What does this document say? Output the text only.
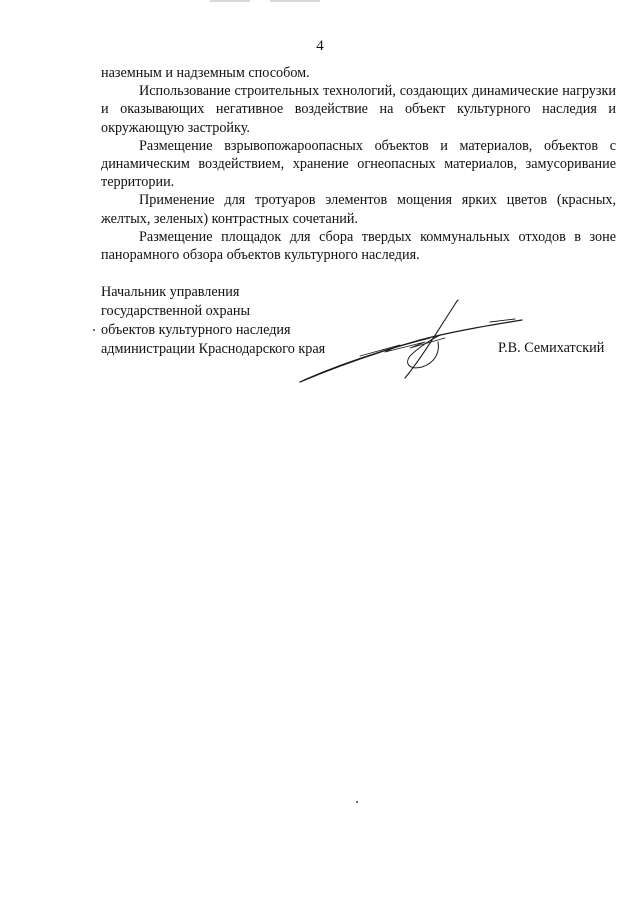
4

наземным и надземным способом.

Использование строительных технологий, создающих динамические нагрузки и оказывающих негативное воздействие на объект культурного наследия и окружающую застройку.

Размещение взрывопожароопасных объектов и материалов, объектов с динамическим воздействием, хранение огнеопасных материалов, замусоривание территории.

Применение для тротуаров элементов мощения ярких цветов (красных, желтых, зеленых) контрастных сочетаний.

Размещение площадок для сбора твердых коммунальных отходов в зоне панорамного обзора объектов культурного наследия.

Начальник управления
государственной охраны
объектов культурного наследия
администрации Краснодарского края	Р.В. Семихатский
